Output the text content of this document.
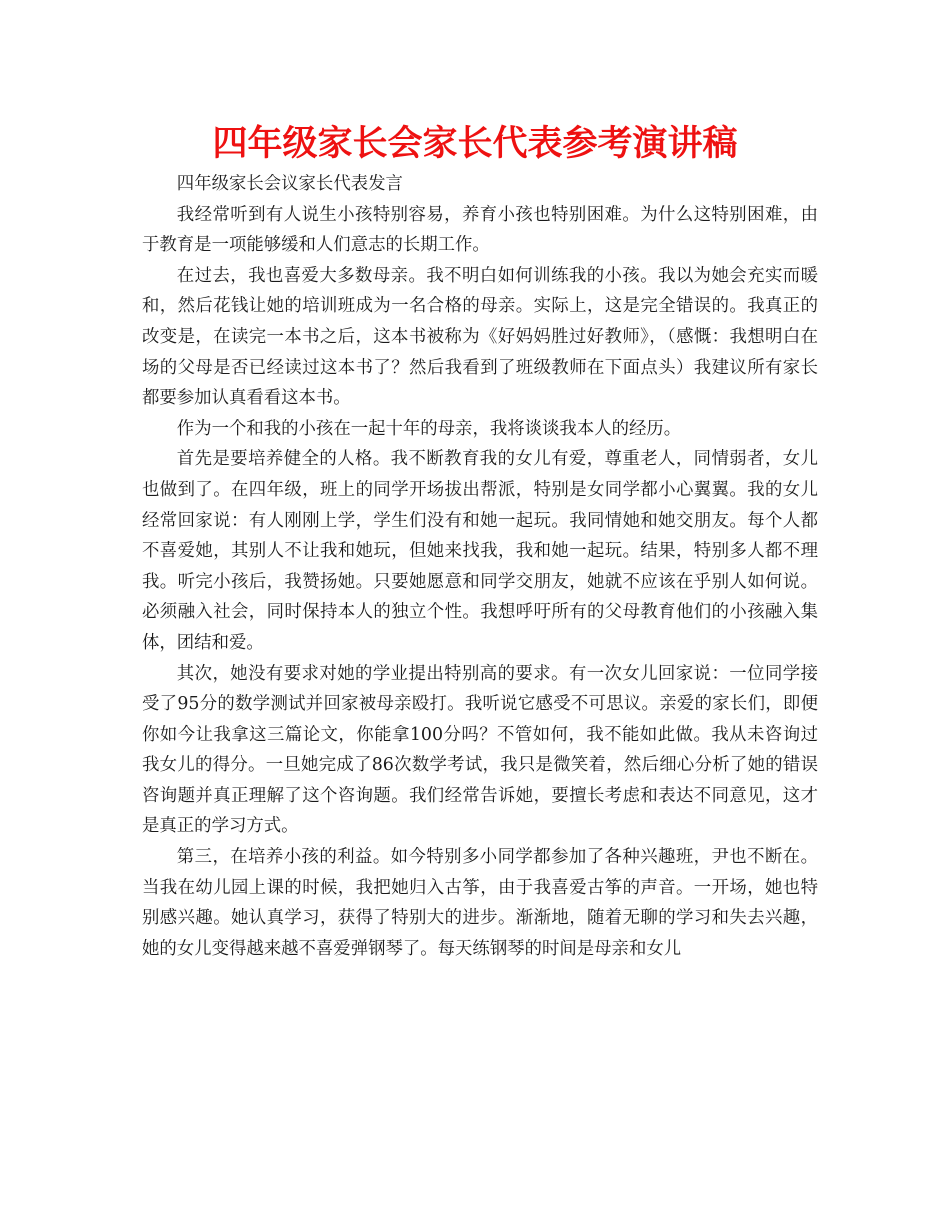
四年级家长会家长代表参考演讲稿

四年级家长会议家长代表发言

我经常听到有人说生小孩特别容易，养育小孩也特别困难。为什么这特别困难，由于教育是一项能够缓和人们意志的长期工作。

在过去，我也喜爱大多数母亲。我不明白如何训练我的小孩。我以为她会充实而暖和，然后花钱让她的培训班成为一名合格的母亲。实际上，这是完全错误的。我真正的改变是，在读完一本书之后，这本书被称为《好妈妈胜过好教师》，（感慨：我想明白在场的父母是否已经读过这本书了？然后我看到了班级教师在下面点头）我建议所有家长都要参加认真看看这本书。

作为一个和我的小孩在一起十年的母亲，我将谈谈我本人的经历。

首先是要培养健全的人格。我不断教育我的女儿有爱，尊重老人，同情弱者，女儿也做到了。在四年级，班上的同学开场拔出帮派，特别是女同学都小心翼翼。我的女儿经常回家说：有人刚刚上学，学生们没有和她一起玩。我同情她和她交朋友。每个人都不喜爱她，其别人不让我和她玩，但她来找我，我和她一起玩。结果，特别多人都不理我。听完小孩后，我赞扬她。只要她愿意和同学交朋友，她就不应该在乎别人如何说。必须融入社会，同时保持本人的独立个性。我想呼吁所有的父母教育他们的小孩融入集体，团结和爱。

其次，她没有要求对她的学业提出特别高的要求。有一次女儿回家说：一位同学接受了95分的数学测试并回家被母亲殴打。我听说它感受不可思议。亲爱的家长们，即便你如今让我拿这三篇论文，你能拿100分吗？不管如何，我不能如此做。我从未咨询过我女儿的得分。一旦她完成了86次数学考试，我只是微笑着，然后细心分析了她的错误咨询题并真正理解了这个咨询题。我们经常告诉她，要擅长考虑和表达不同意见，这才是真正的学习方式。

第三，在培养小孩的利益。如今特别多小同学都参加了各种兴趣班，尹也不断在。当我在幼儿园上课的时候，我把她归入古筝，由于我喜爱古筝的声音。一开场，她也特别感兴趣。她认真学习，获得了特别大的进步。渐渐地，随着无聊的学习和失去兴趣，她的女儿变得越来越不喜爱弹钢琴了。每天练钢琴的时间是母亲和女儿
